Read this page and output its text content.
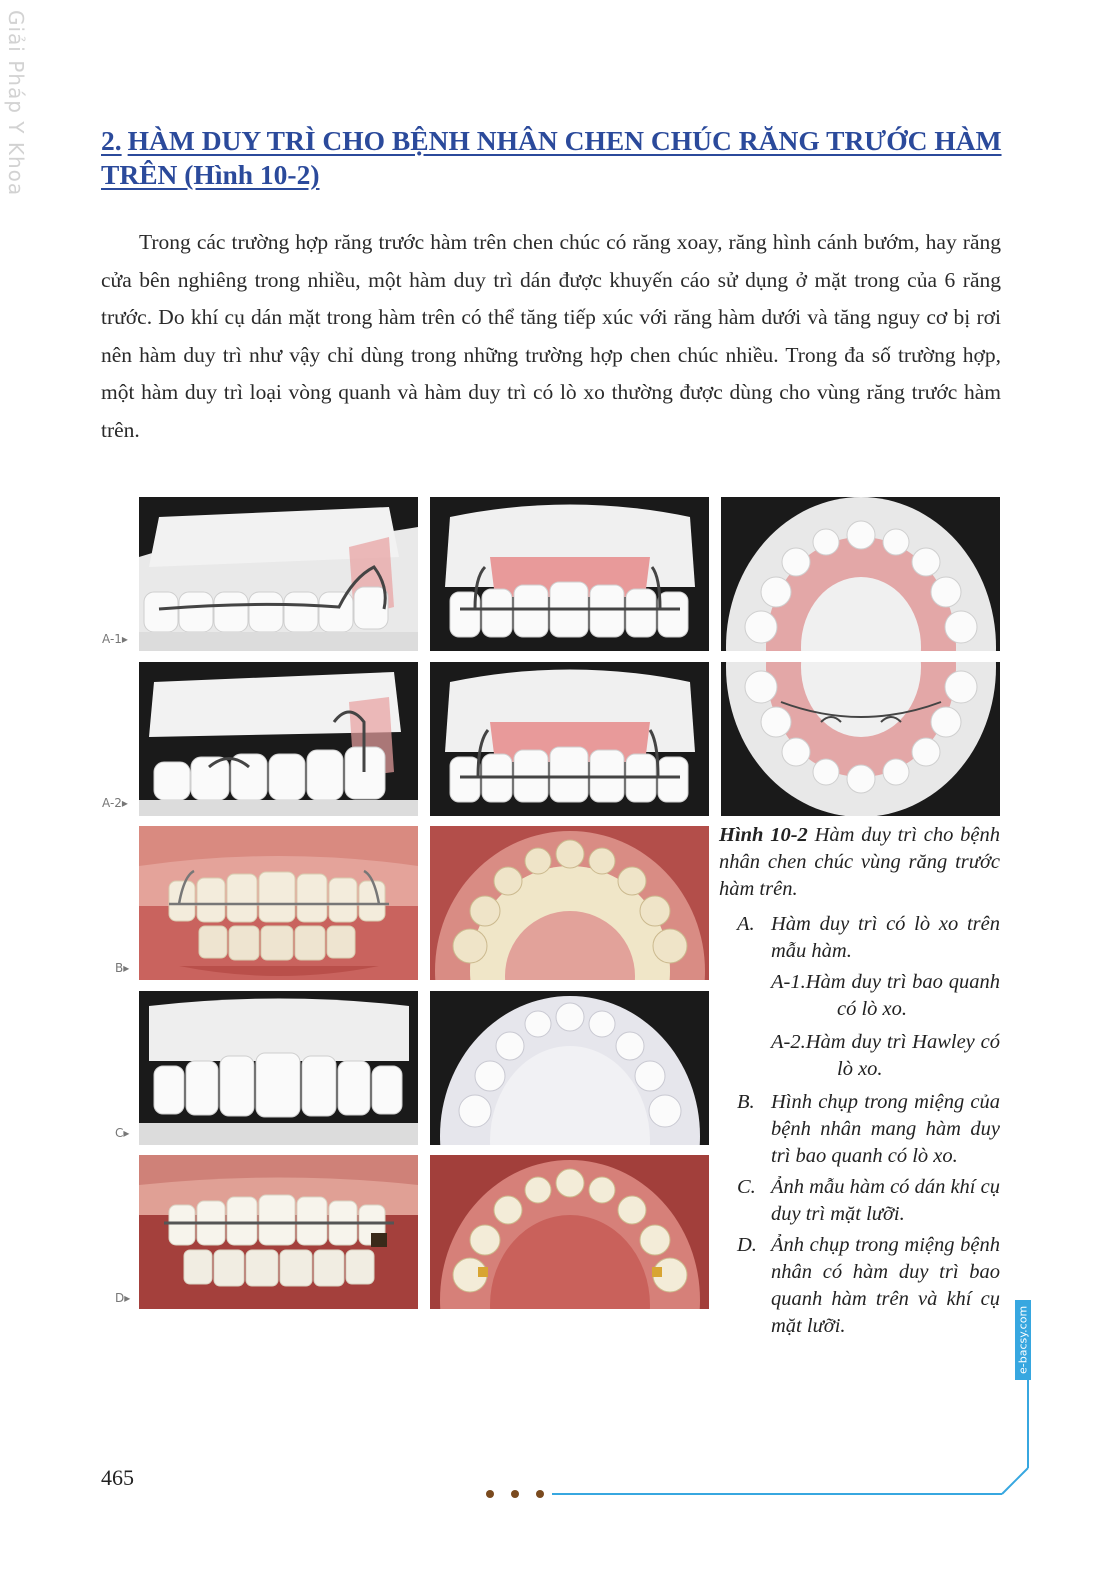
Giải Pháp Y Khoa	2. HÀM DUY TRÌ CHO BỆNH NHÂN CHEN CHÚC RĂNG TRƯỚC HÀM TRÊN (Hình 10-2)

Trong các trường hợp răng trước hàm trên chen chúc có răng xoay, răng hình cánh bướm, hay răng cửa bên nghiêng trong nhiều, một hàm duy trì dán được khuyến cáo sử dụng ở mặt trong của 6 răng trước. Do khí cụ dán mặt trong hàm trên có thể tăng tiếp xúc với răng hàm dưới và tăng nguy cơ bị rơi nên hàm duy trì như vậy chỉ dùng trong những trường hợp chen chúc nhiều. Trong đa số trường hợp, một hàm duy trì loại vòng quanh và hàm duy trì có lò xo thường được dùng cho vùng răng trước hàm trên.

A-1▸
A-2▸
B▸
C▸
D▸

Hình 10-2 Hàm duy trì cho bệnh nhân chen chúc vùng răng trước hàm trên.

A. Hàm duy trì có lò xo trên mẫu hàm.
A-1.Hàm duy trì bao quanh có lò xo.
A-2.Hàm duy trì Hawley có lò xo.
B. Hình chụp trong miệng của bệnh nhân mang hàm duy trì bao quanh có lò xo.
C. Ảnh mẫu hàm có dán khí cụ duy trì mặt lưỡi.
D. Ảnh chụp trong miệng bệnh nhân có hàm duy trì bao quanh hàm trên và khí cụ mặt lưỡi.	e-bacsy.com
465
